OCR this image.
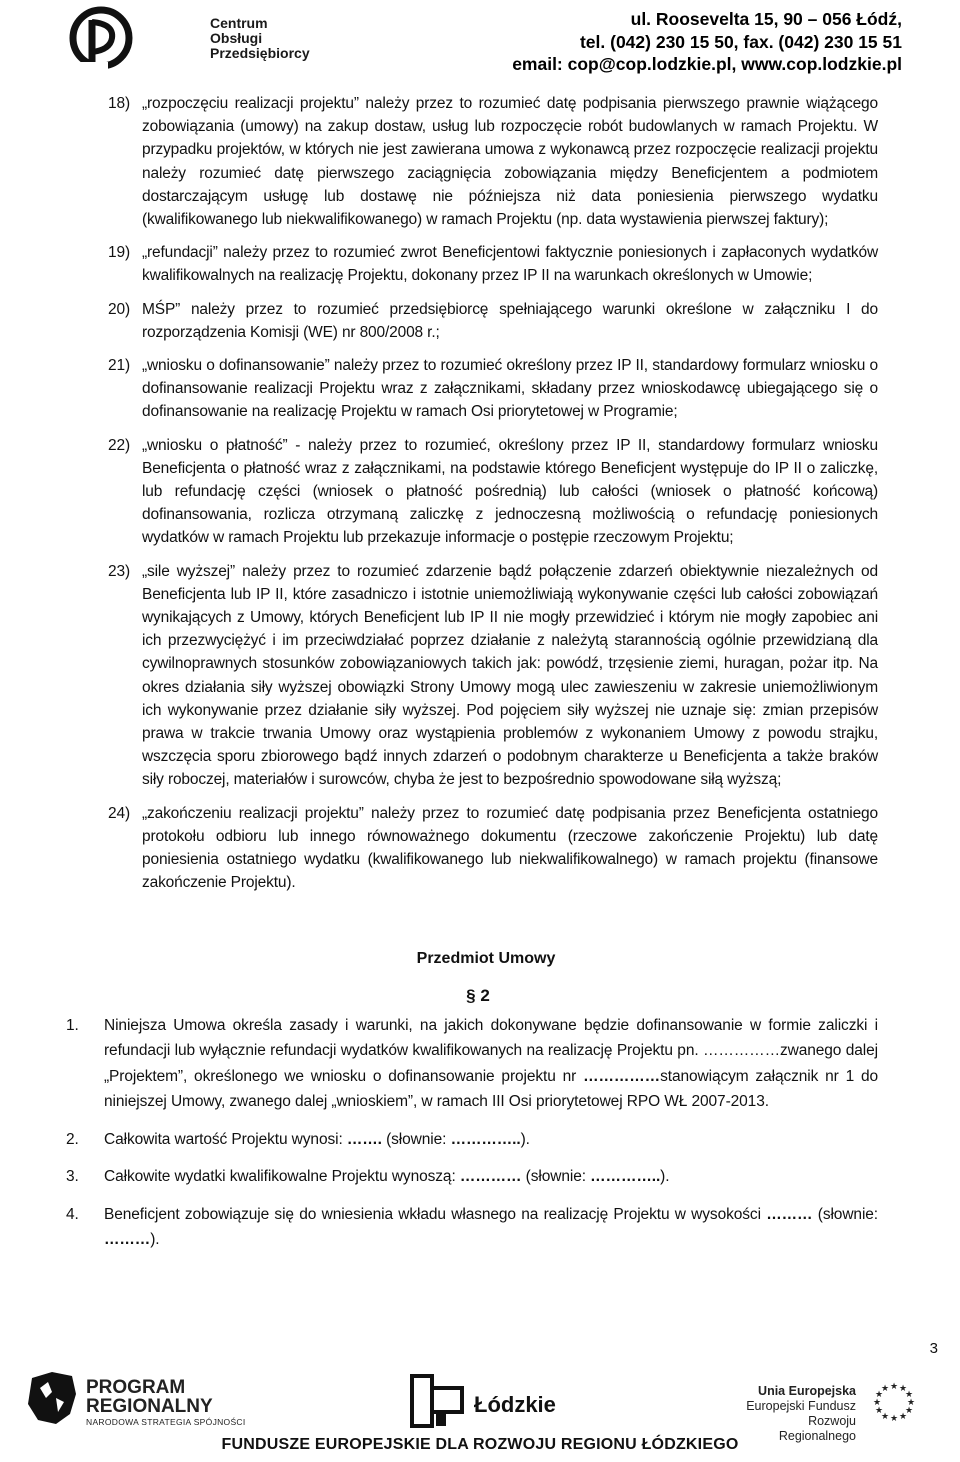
Centrum
Obsługi
Przedsiębiorcy
ul. Roosevelta 15, 90 – 056 Łódź,
tel. (042) 230 15 50, fax. (042) 230 15 51
email: cop@cop.lodzkie.pl, www.cop.lodzkie.pl
18) „rozpoczęciu realizacji projektu” należy przez to rozumieć datę podpisania pierwszego prawnie wiążącego zobowiązania (umowy) na zakup dostaw, usług lub rozpoczęcie robót budowlanych w ramach Projektu. W przypadku projektów, w których nie jest zawierana umowa z wykonawcą przez rozpoczęcie realizacji projektu należy rozumieć datę pierwszego zaciągnięcia zobowiązania między Beneficjentem a podmiotem dostarczającym usługę lub dostawę nie późniejsza niż data poniesienia pierwszego wydatku (kwalifikowanego lub niekwalifikowanego) w ramach Projektu (np. data wystawienia pierwszej faktury);
19) „refundacji” należy przez to rozumieć zwrot Beneficjentowi faktycznie poniesionych i zapłaconych wydatków kwalifikowalnych na realizację Projektu, dokonany przez IP II na warunkach określonych w Umowie;
20) MŚP” należy przez to rozumieć przedsiębiorcę spełniającego warunki określone w załączniku I do rozporządzenia Komisji (WE) nr 800/2008 r.;
21) „wniosku o dofinansowanie” należy przez to rozumieć określony przez IP II, standardowy formularz wniosku o dofinansowanie realizacji Projektu wraz z załącznikami, składany przez wnioskodawcę ubiegającego się o dofinansowanie na realizację Projektu w ramach Osi priorytetowej w Programie;
22) „wniosku o płatność” - należy przez to rozumieć, określony przez IP II, standardowy formularz wniosku Beneficjenta o płatność wraz z załącznikami, na podstawie którego Beneficjent występuje do IP II o zaliczkę, lub refundację części (wniosek o płatność pośrednią) lub całości (wniosek o płatność końcową) dofinansowania, rozlicza otrzymaną zaliczkę z jednoczesną możliwością o refundację poniesionych wydatków w ramach Projektu lub przekazuje informacje o postępie rzeczowym Projektu;
23) „sile wyższej” należy przez to rozumieć zdarzenie bądź połączenie zdarzeń obiektywnie niezależnych od Beneficjenta lub IP II, które zasadniczo i istotnie uniemożliwiają wykonywanie części lub całości zobowiązań wynikających z Umowy, których Beneficjent lub IP II nie mogły przewidzieć i którym nie mogły zapobiec ani ich przezwyciężyć i im przeciwdziałać poprzez działanie z należytą starannością ogólnie przewidzianą dla cywilnoprawnych stosunków zobowiązaniowych takich jak: powódź, trzęsienie ziemi, huragan, pożar itp. Na okres działania siły wyższej obowiązki Strony Umowy mogą ulec zawieszeniu w zakresie uniemożliwionym ich wykonywanie przez działanie siły wyższej. Pod pojęciem siły wyższej nie uznaje się: zmian przepisów prawa w trakcie trwania Umowy oraz wystąpienia problemów z wykonaniem Umowy z powodu strajku, wszczęcia sporu zbiorowego bądź innych zdarzeń o podobnym charakterze u Beneficjenta a także braków siły roboczej, materiałów i surowców, chyba że jest to bezpośrednio spowodowane siłą wyższą;
24) „zakończeniu realizacji projektu” należy przez to rozumieć datę podpisania przez Beneficjenta ostatniego protokołu odbioru lub innego równoważnego dokumentu (rzeczowe zakończenie Projektu) lub datę poniesienia ostatniego wydatku (kwalifikowanego lub niekwalifikowalnego) w ramach projektu (finansowe zakończenie Projektu).
Przedmiot Umowy
§ 2
1. Niniejsza Umowa określa zasady i warunki, na jakich dokonywane będzie dofinansowanie w formie zaliczki i refundacji lub wyłącznie refundacji wydatków kwalifikowanych na realizację Projektu pn. ……………zwanego dalej „Projektem”, określonego we wniosku o dofinansowanie projektu nr ……………stanowiącym załącznik nr 1 do niniejszej Umowy, zwanego dalej „wnioskiem”, w ramach III Osi priorytetowej RPO WŁ 2007-2013.
2. Całkowita wartość Projektu wynosi: ……. (słownie: …………..).
3. Całkowite wydatki kwalifikowalne Projektu wynoszą: ………… (słownie: …………..).
4. Beneficjent zobowiązuje się do wniesienia wkładu własnego na realizację Projektu w wysokości ……… (słownie: ………).
3
PROGRAM
REGIONALNY
NARODOWA STRATEGIA SPÓJNOŚCI
Łódzkie
Unia Europejska
Europejski Fundusz
Rozwoju Regionalnego
★ ★
★
★
★
★
★
★
★
★
★
★
FUNDUSZE EUROPEJSKIE DLA ROZWOJU REGIONU ŁÓDZKIEGO
